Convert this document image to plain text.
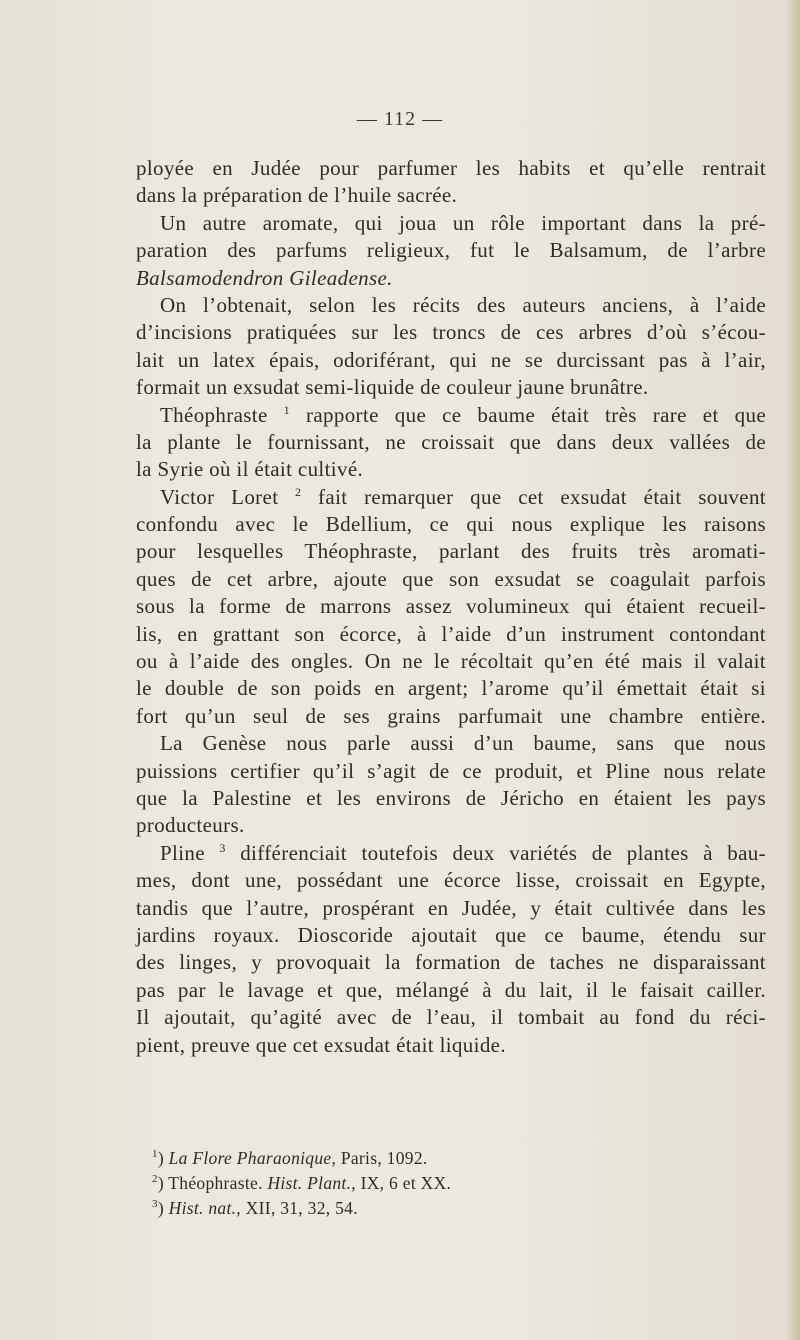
— 112 —
ployée en Judée pour parfumer les habits et qu’elle rentrait
dans la préparation de l’huile sacrée.
Un autre aromate, qui joua un rôle important dans la pré-
paration des parfums religieux, fut le Balsamum, de l’arbre
Balsamodendron Gileadense.
On l’obtenait, selon les récits des auteurs anciens, à l’aide
d’incisions pratiquées sur les troncs de ces arbres d’où s’écou-
lait un latex épais, odoriférant, qui ne se durcissant pas à l’air,
formait un exsudat semi-liquide de couleur jaune brunâtre.
Théophraste $^1$ rapporte que ce baume était très rare et que
la plante le fournissant, ne croissait que dans deux vallées de
la Syrie où il était cultivé.
Victor Loret $^2$ fait remarquer que cet exsudat était souvent
confondu avec le Bdellium, ce qui nous explique les raisons
pour lesquelles Théophraste, parlant des fruits très aromati-
ques de cet arbre, ajoute que son exsudat se coagulait parfois
sous la forme de marrons assez volumineux qui étaient recueil-
lis, en grattant son écorce, à l’aide d’un instrument contondant
ou à l’aide des ongles. On ne le récoltait qu’en été mais il valait
le double de son poids en argent; l’arome qu’il émettait était si
fort qu’un seul de ses grains parfumait une chambre entière.
La Genèse nous parle aussi d’un baume, sans que nous
puissions certifier qu’il s’agit de ce produit, et Pline nous relate
que la Palestine et les environs de Jéricho en étaient les pays
producteurs.
Pline $^3$ différenciait toutefois deux variétés de plantes à bau-
mes, dont une, possédant une écorce lisse, croissait en Egypte,
tandis que l’autre, prospérant en Judée, y était cultivée dans les
jardins royaux. Dioscoride ajoutait que ce baume, étendu sur
des linges, y provoquait la formation de taches ne disparaissant
pas par le lavage et que, mélangé à du lait, il le faisait cailler.
Il ajoutait, qu’agité avec de l’eau, il tombait au fond du réci-
pient, preuve que cet exsudat était liquide.
$^1$) La Flore Pharaonique, Paris, 1092.
$^2$) Théophraste. Hist. Plant., IX, 6 et XX.
$^3$) Hist. nat., XII, 31, 32, 54.
